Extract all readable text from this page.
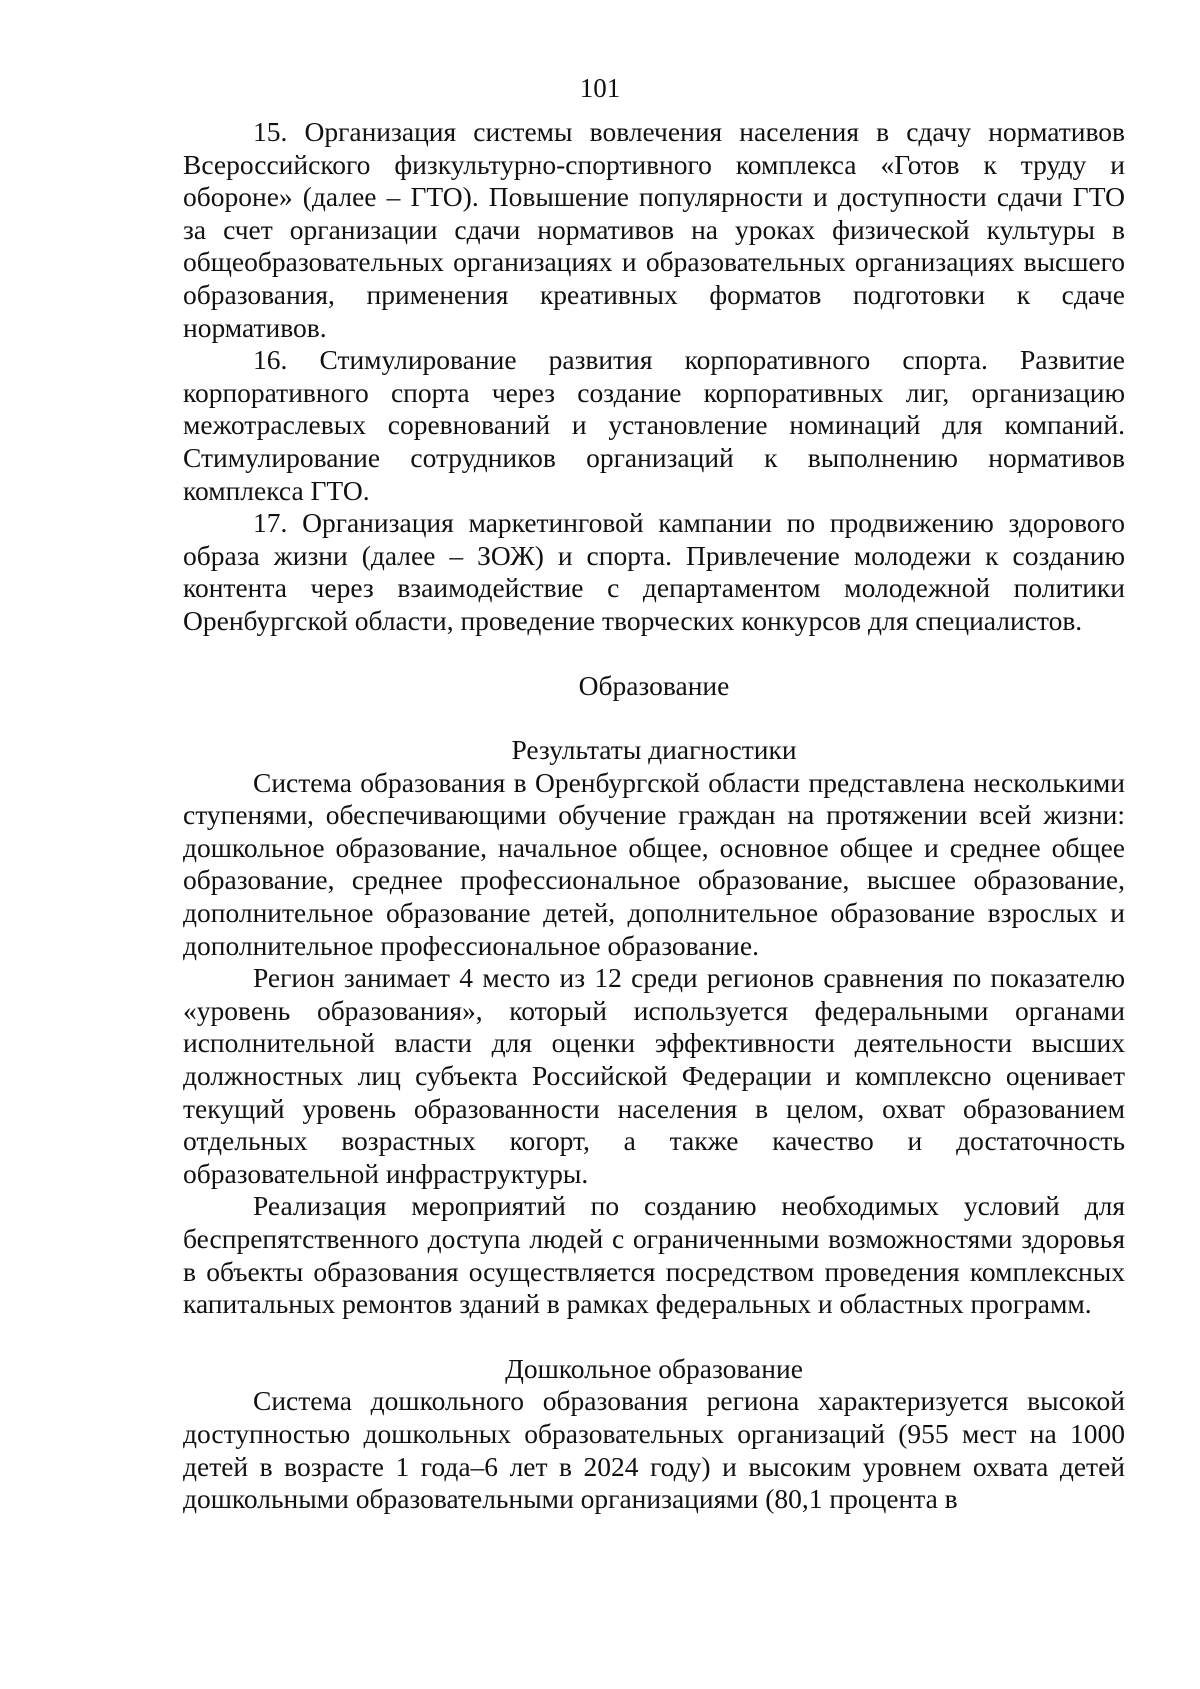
101

15. Организация системы вовлечения населения в сдачу нормативов Всероссийского физкультурно-спортивного комплекса «Готов к труду и обороне» (далее – ГТО). Повышение популярности и доступности сдачи ГТО за счет организации сдачи нормативов на уроках физической культуры в общеобразовательных организациях и образовательных организациях высшего образования, применения креативных форматов подготовки к сдаче нормативов.

16. Стимулирование развития корпоративного спорта. Развитие корпоративного спорта через создание корпоративных лиг, организацию межотраслевых соревнований и установление номинаций для компаний. Стимулирование сотрудников организаций к выполнению нормативов комплекса ГТО.

17. Организация маркетинговой кампании по продвижению здорового образа жизни (далее – ЗОЖ) и спорта. Привлечение молодежи к созданию контента через взаимодействие с департаментом молодежной политики Оренбургской области, проведение творческих конкурсов для специалистов.

Образование
Результаты диагностики

Система образования в Оренбургской области представлена несколькими ступенями, обеспечивающими обучение граждан на протяжении всей жизни: дошкольное образование, начальное общее, основное общее и среднее общее образование, среднее профессиональное образование, высшее образование, дополнительное образование детей, дополнительное образование взрослых и дополнительное профессиональное образование.

Регион занимает 4 место из 12 среди регионов сравнения по показателю «уровень образования», который используется федеральными органами исполнительной власти для оценки эффективности деятельности высших должностных лиц субъекта Российской Федерации и комплексно оценивает текущий уровень образованности населения в целом, охват образованием отдельных возрастных когорт, а также качество и достаточность образовательной инфраструктуры.

Реализация мероприятий по созданию необходимых условий для беспрепятственного доступа людей с ограниченными возможностями здоровья в объекты образования осуществляется посредством проведения комплексных капитальных ремонтов зданий в рамках федеральных и областных программ.

Дошкольное образование

Система дошкольного образования региона характеризуется высокой доступностью дошкольных образовательных организаций (955 мест на 1000 детей в возрасте 1 года–6 лет в 2024 году) и высоким уровнем охвата детей дошкольными образовательными организациями (80,1 процента в
